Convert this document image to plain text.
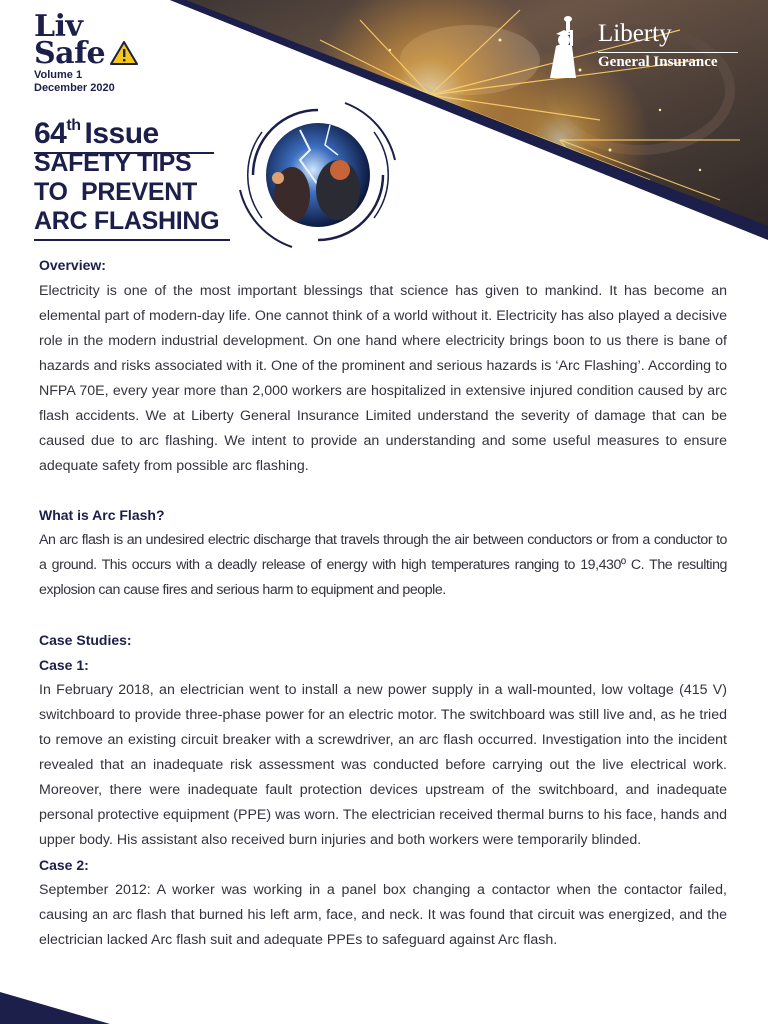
Liv
Safe
Volume 1
December 2020
64th Issue
SAFETY TIPS
TO  PREVENT
ARC FLASHING
Liberty
General Insurance
Overview:

Electricity is one of the most important blessings that science has given to mankind. It has become an elemental part of modern-day life. One cannot think of a world without it. Electricity has also played a decisive role in the modern industrial development. On one hand where electricity brings boon to us there is bane of hazards and risks associated with it. One of the prominent and serious hazards is ‘Arc Flashing’. According to NFPA 70E, every year more than 2,000 workers are hospitalized in extensive injured condition caused by arc flash accidents. We at Liberty General Insurance Limited understand the severity of damage that can be caused due to arc flashing. We intent to provide an understanding and some useful measures to ensure adequate safety from possible arc flashing.

What is Arc Flash?

An arc flash is an undesired electric discharge that travels through the air between conductors or from a conductor to a ground. This occurs with a deadly release of energy with high temperatures ranging to 19,430º C. The resulting explosion can cause fires and serious harm to equipment and people.

Case Studies:
Case 1:

In February 2018, an electrician went to install a new power supply in a wall-mounted, low voltage (415 V) switchboard to provide three-phase power for an electric motor. The switchboard was still live and, as he tried to remove an existing circuit breaker with a screwdriver, an arc flash occurred. Investigation into the incident revealed that an inadequate risk assessment was conducted before carrying out the live electrical work. Moreover, there were inadequate fault protection devices upstream of the switchboard, and inadequate personal protective equipment (PPE) was worn. The electrician received thermal burns to his face, hands and upper body. His assistant also received burn injuries and both workers were temporarily blinded.

Case 2:

September 2012: A worker was working in a panel box changing a contactor when the contactor failed, causing an arc flash that burned his left arm, face, and neck. It was found that circuit was energized, and the electrician lacked Arc flash suit and adequate PPEs to safeguard against Arc flash.
